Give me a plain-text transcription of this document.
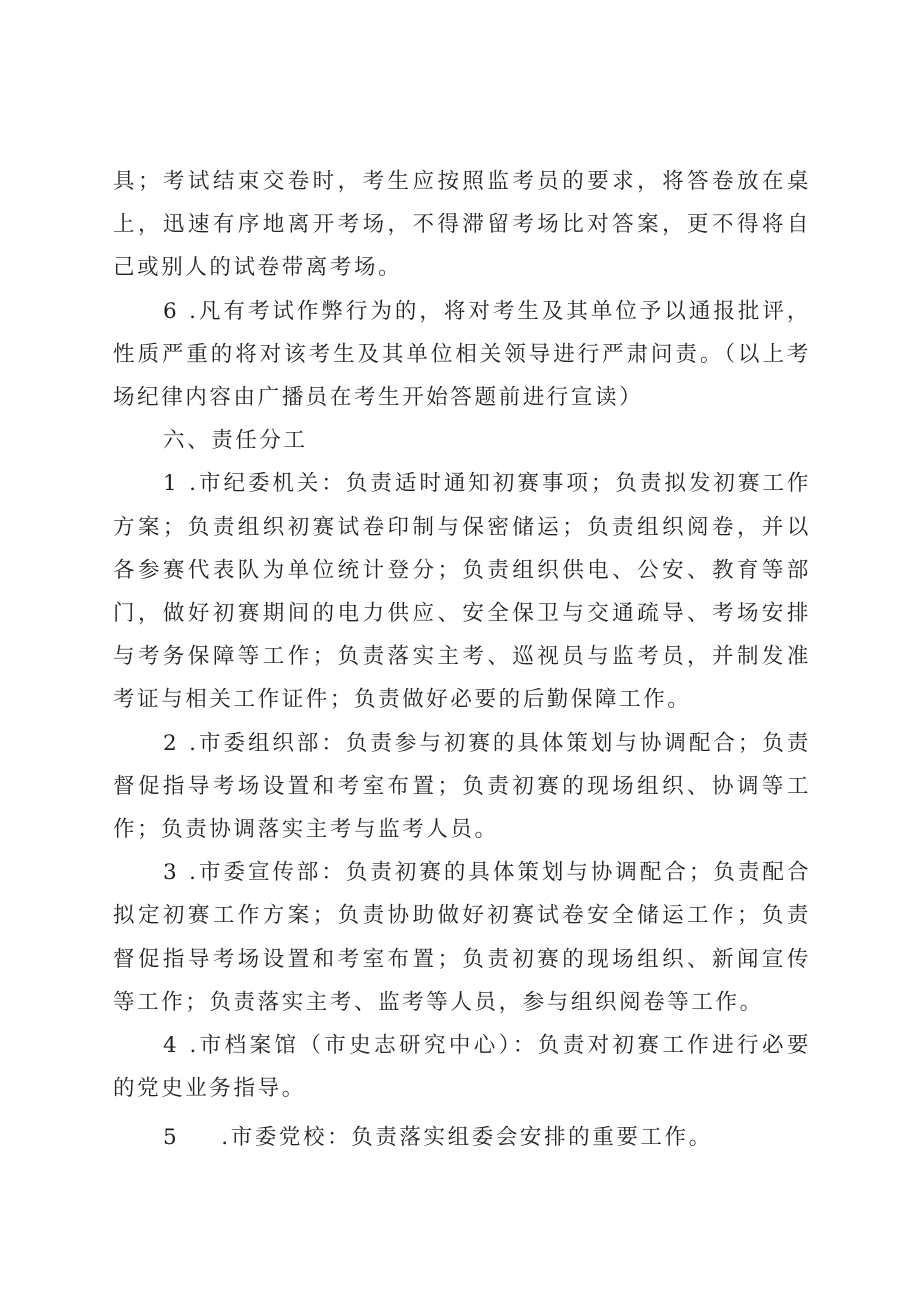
具；考试结束交卷时，考生应按照监考员的要求，将答卷放在桌上，迅速有序地离开考场，不得滞留考场比对答案，更不得将自己或别人的试卷带离考场。

6 .凡有考试作弊行为的，将对考生及其单位予以通报批评，性质严重的将对该考生及其单位相关领导进行严肃问责。（以上考场纪律内容由广播员在考生开始答题前进行宣读）

六、责任分工

1 .市纪委机关：负责适时通知初赛事项；负责拟发初赛工作方案；负责组织初赛试卷印制与保密储运；负责组织阅卷，并以各参赛代表队为单位统计登分；负责组织供电、公安、教育等部门，做好初赛期间的电力供应、安全保卫与交通疏导、考场安排与考务保障等工作；负责落实主考、巡视员与监考员，并制发准考证与相关工作证件；负责做好必要的后勤保障工作。

2 .市委组织部：负责参与初赛的具体策划与协调配合；负责督促指导考场设置和考室布置；负责初赛的现场组织、协调等工作；负责协调落实主考与监考人员。

3 .市委宣传部：负责初赛的具体策划与协调配合；负责配合拟定初赛工作方案；负责协助做好初赛试卷安全储运工作；负责督促指导考场设置和考室布置；负责初赛的现场组织、新闻宣传等工作；负责落实主考、监考等人员，参与组织阅卷等工作。

4 .市档案馆（市史志研究中心）：负责对初赛工作进行必要的党史业务指导。

5 .市委党校：负责落实组委会安排的重要工作。
